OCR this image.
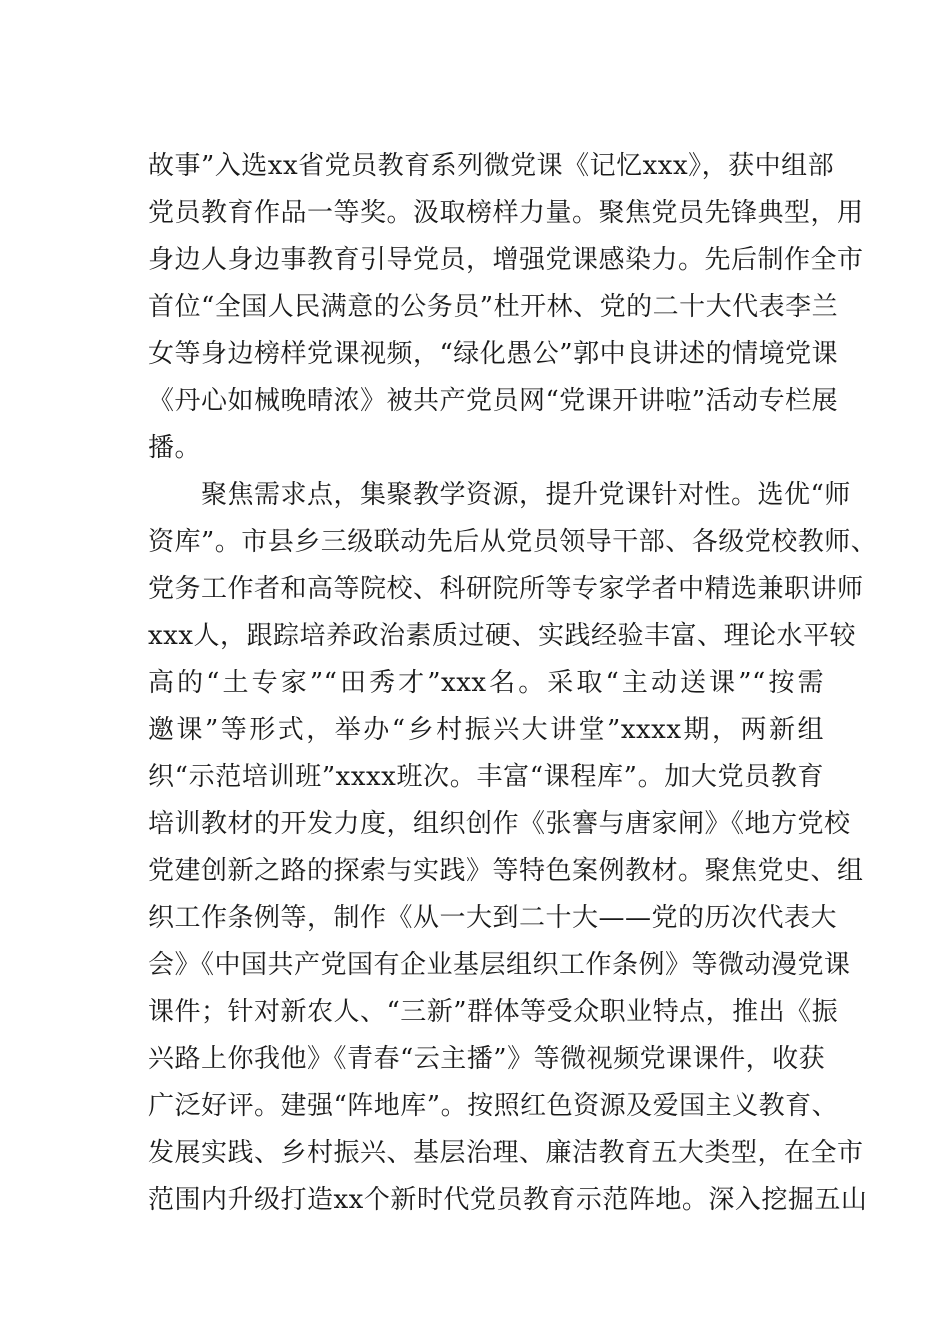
故事”入选xx省党员教育系列微党课《记忆xxx》，获中组部
党员教育作品一等奖。汲取榜样力量。聚焦党员先锋典型，用
身边人身边事教育引导党员，增强党课感染力。先后制作全市
首位“全国人民满意的公务员”杜开林、党的二十大代表李兰
女等身边榜样党课视频，“绿化愚公”郭中良讲述的情境党课
《丹心如械晚晴浓》被共产党员网“党课开讲啦”活动专栏展
播。
　　聚焦需求点，集聚教学资源，提升党课针对性。选优“师
资库”。市县乡三级联动先后从党员领导干部、各级党校教师、
党务工作者和高等院校、科研院所等专家学者中精选兼职讲师
xxx人，跟踪培养政治素质过硬、实践经验丰富、理论水平较
高的“土专家”“田秀才”xxx名。采取“主动送课”“按需
邀课”等形式，举办“乡村振兴大讲堂”xxxx期，两新组
织“示范培训班”xxxx班次。丰富“课程库”。加大党员教育
培训教材的开发力度，组织创作《张謇与唐家闸》《地方党校
党建创新之路的探索与实践》等特色案例教材。聚焦党史、组
织工作条例等，制作《从一大到二十大——党的历次代表大
会》《中国共产党国有企业基层组织工作条例》等微动漫党课
课件；针对新农人、“三新”群体等受众职业特点，推出《振
兴路上你我他》《青春“云主播”》等微视频党课课件，收获
广泛好评。建强“阵地库”。按照红色资源及爱国主义教育、
发展实践、乡村振兴、基层治理、廉洁教育五大类型，在全市
范围内升级打造xx个新时代党员教育示范阵地。深入挖掘五山
